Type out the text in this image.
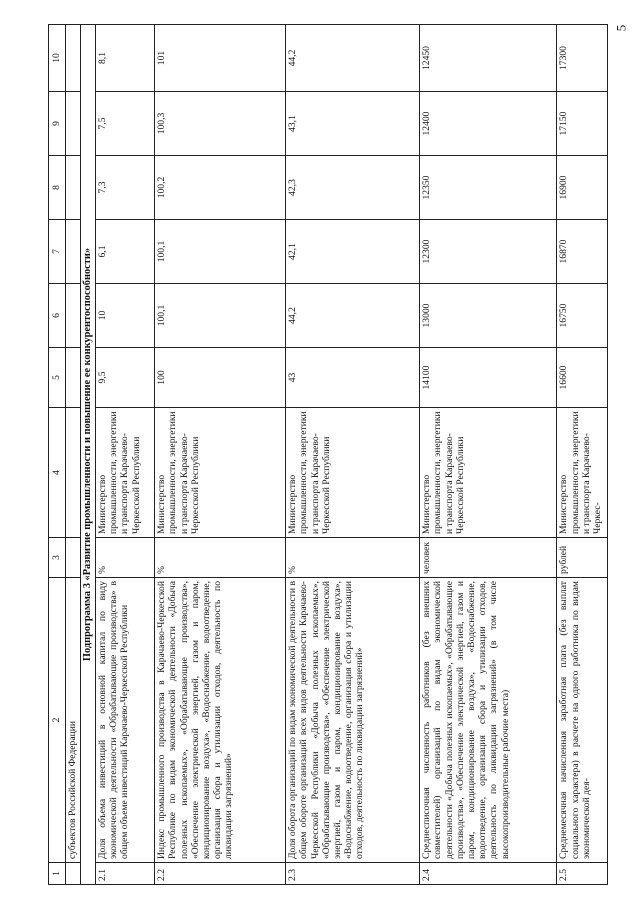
5
1	2	3	4	5	6	7	8	9	10
	субъектов Российской Федерации								
Подпрограмма 3 «Развитие промышленности и повышение ее конкурентоспособности»									
2.1	Доля объема инвестиций в основной капитал по виду экономической деятельности «Обрабатывающие производства» в общем объеме инвестиций Карачаево-Черкесской Республики	%	Министерство промышленности, энергетики и транспорта Карачаево-Черкесской Республики	9,5	10	6,1	7,3	7,5	8,1
2.2	Индекс промышленного производства в Карачаево-Черкесской Республике по видам экономической деятельности «Добыча полезных ископаемых», «Обрабатывающие производства», «Обеспечение электрической энергией, газом и паром, кондиционирование воздуха», «Водоснабжение, водоотведение, организация сбора и утилизации отходов, деятельность по ликвидации загрязнений»	%	Министерство промышленности, энергетики и транспорта Карачаево-Черкесской Республики	100	100,1	100,1	100,2	100,3	101
2.3	Доля оборота организаций по видам экономической деятельности в общем обороте организаций всех видов деятельности Карачаево-Черкесской Республики «Добыча полезных ископаемых», «Обрабатывающие производства», «Обеспечение электрической энергией, газом и паром, кондиционирование воздуха», «Водоснабжение, водоотведение, организация сбора и утилизации отходов, деятельность по ликвидации загрязнений»	%	Министерство промышленности, энергетики и транспорта Карачаево-Черкесской Республики	43	44,2	42,1	42,3	43,1	44,2
2.4	Среднесписочная численность работников (без внешних совместителей) организаций по видам экономической деятельности «Добыча полезных ископаемых», «Обрабатывающие производства», «Обеспечение электрической энергией, газом и паром, кондиционирование воздуха», «Водоснабжение, водоотведение, организация сбора и утилизации отходов, деятельность по ликвидации загрязнений» (в том числе высокопроизводительные рабочие места)	человек	Министерство промышленности, энергетики и транспорта Карачаево-Черкесской Республики	14100	13000	12300	12350	12400	12450
2.5	Среднемесячная начисленная заработная плата (без выплат социального характера) в расчете на одного работника по видам экономической дея-	рублей	Министерство промышленности, энергетики и транспорта Карачаево-Черкес-	16600	16750	16870	16900	17150	17300
